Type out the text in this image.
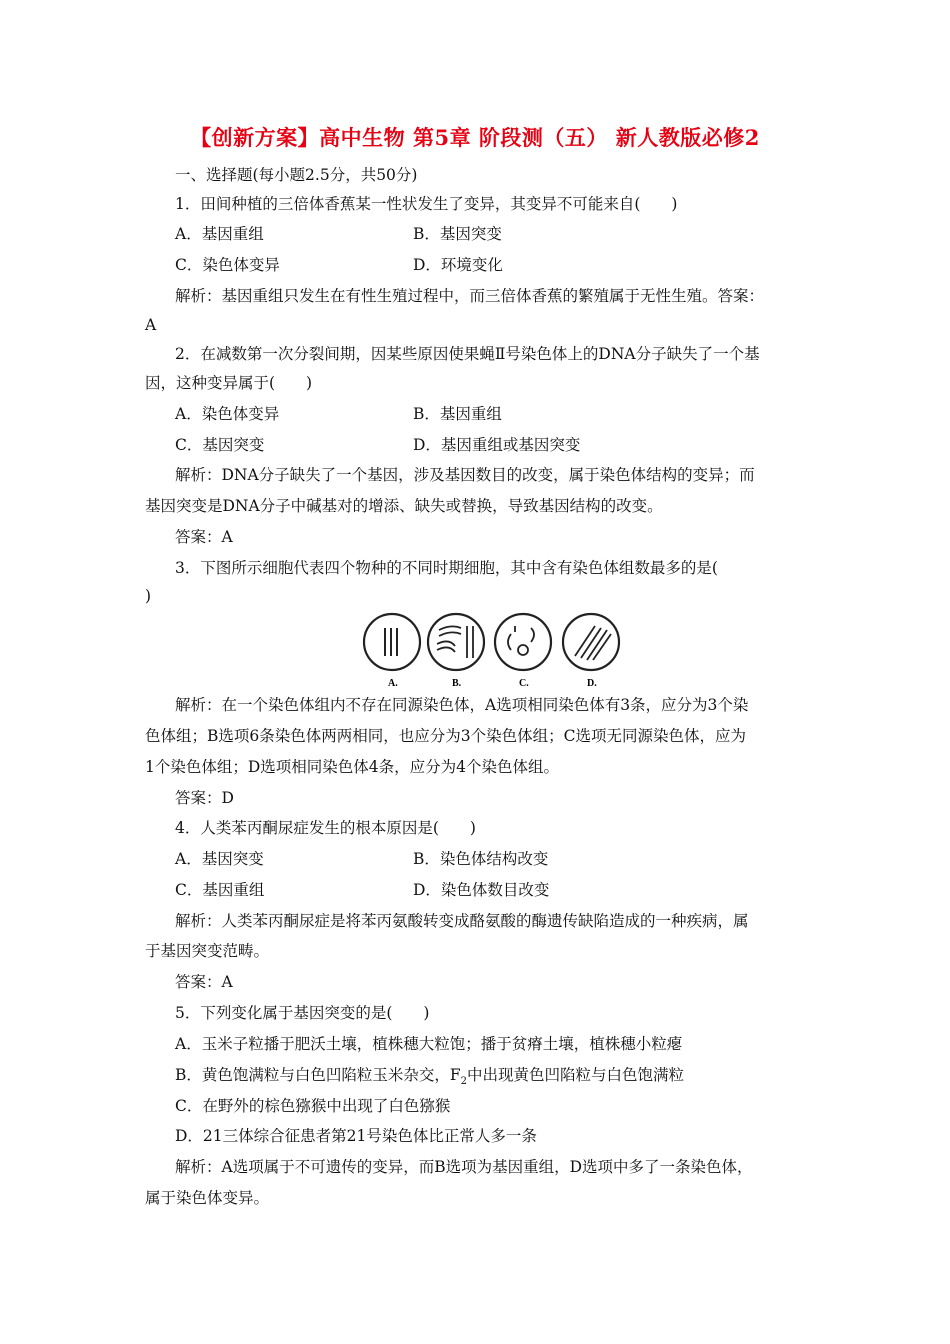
【创新方案】高中生物 第5章 阶段测（五） 新人教版必修2
一、选择题(每小题2.5分，共50分)
1．田间种植的三倍体香蕉某一性状发生了变异，其变异不可能来自(　　)
A．基因重组	B．基因突变
C．染色体变异	D．环境变化
解析：基因重组只发生在有性生殖过程中，而三倍体香蕉的繁殖属于无性生殖。答案：
A
2．在减数第一次分裂间期，因某些原因使果蝇Ⅱ号染色体上的DNA分子缺失了一个基
因，这种变异属于(　　)
A．染色体变异	B．基因重组
C．基因突变	D．基因重组或基因突变
解析：DNA分子缺失了一个基因，涉及基因数目的改变，属于染色体结构的变异；而
基因突变是DNA分子中碱基对的增添、缺失或替换，导致基因结构的改变。
答案：A
3．下图所示细胞代表四个物种的不同时期细胞，其中含有染色体组数最多的是(
)
A.	B.	C.	D.
解析：在一个染色体组内不存在同源染色体，A选项相同染色体有3条，应分为3个染
色体组；B选项6条染色体两两相同，也应分为3个染色体组；C选项无同源染色体，应为
1个染色体组；D选项相同染色体4条，应分为4个染色体组。
答案：D
4．人类苯丙酮尿症发生的根本原因是(　　)
A．基因突变	B．染色体结构改变
C．基因重组	D．染色体数目改变
解析：人类苯丙酮尿症是将苯丙氨酸转变成酪氨酸的酶遗传缺陷造成的一种疾病，属
于基因突变范畴。
答案：A
5．下列变化属于基因突变的是(　　)
A．玉米子粒播于肥沃土壤，植株穗大粒饱；播于贫瘠土壤，植株穗小粒瘪
B．黄色饱满粒与白色凹陷粒玉米杂交，$F_2$中出现黄色凹陷粒与白色饱满粒
C．在野外的棕色猕猴中出现了白色猕猴
D．21三体综合征患者第21号染色体比正常人多一条
解析：A选项属于不可遗传的变异，而B选项为基因重组，D选项中多了一条染色体，
属于染色体变异。
